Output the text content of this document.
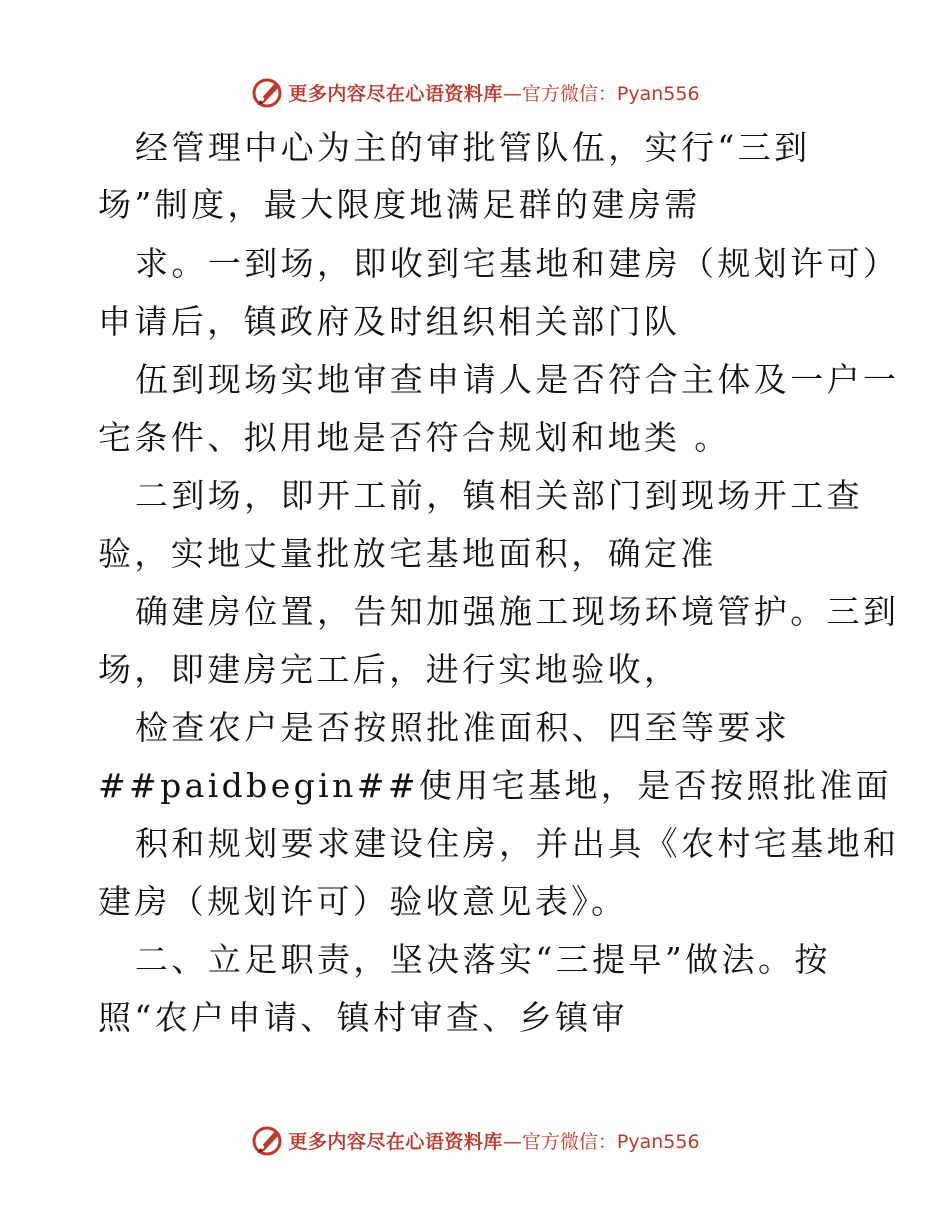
更多内容尽在心语资料库 —官方微信：Pyan556
经管理中心为主的审批管队伍，实行“三到
场”制度，最大限度地满足群的建房需
求。一到场，即收到宅基地和建房（规划许可）
申请后，镇政府及时组织相关部门队
伍到现场实地审查申请人是否符合主体及一户一
宅条件、拟用地是否符合规划和地类 。
二到场，即开工前，镇相关部门到现场开工查
验，实地丈量批放宅基地面积，确定准
确建房位置，告知加强施工现场环境管护。三到
场，即建房完工后，进行实地验收，
检查农户是否按照批准面积、四至等要求
##paidbegin##使用宅基地，是否按照批准面
积和规划要求建设住房，并出具《农村宅基地和
建房（规划许可）验收意见表》。
二、立足职责，坚决落实“三提早”做法。按
照“农户申请、镇村审查、乡镇审
更多内容尽在心语资料库 —官方微信：Pyan556
